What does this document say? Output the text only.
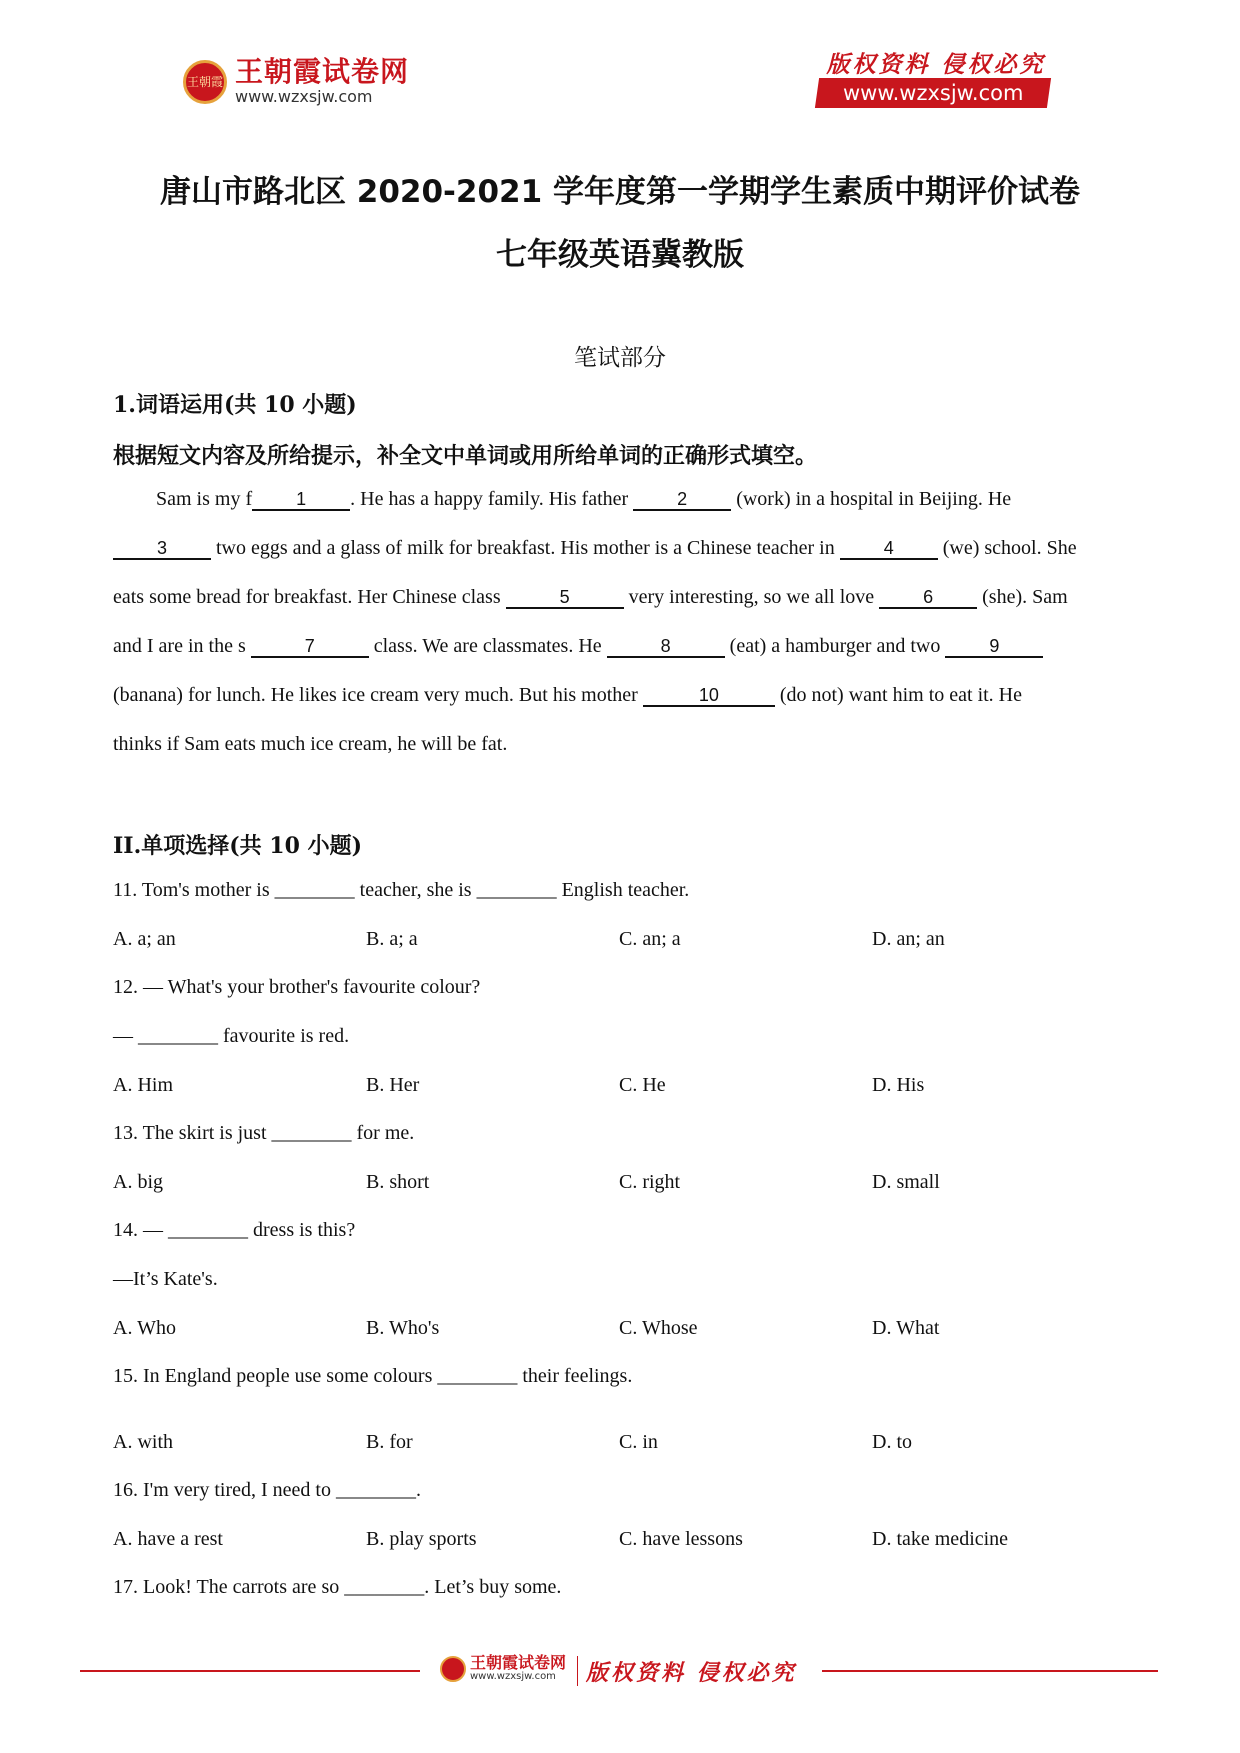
王朝霞 王朝霞试卷网
www.wzxsjw.com
版权资料 侵权必究
www.wzxsjw.com
唐山市路北区 2020-2021 学年度第一学期学生素质中期评价试卷
七年级英语冀教版
笔试部分
1.词语运用(共 10 小题)
根据短文内容及所给提示，补全文中单词或用所给单词的正确形式填空。
Sam is my f 1 . He has a happy family. His father 2 (work) in a hospital in Beijing. He
3 two eggs and a glass of milk for breakfast. His mother is a Chinese teacher in 4 (we) school. She
eats some bread for breakfast. Her Chinese class	5	very interesting, so we all love 6 (she). Sam
and I are in the s	7	class. We are classmates. He	8	(eat) a hamburger and two 9
(banana) for lunch. He likes ice cream very much. But his mother	10	(do not) want him to eat it. He
thinks if Sam eats much ice cream, he will be fat.
II.单项选择(共 10 小题)
11. Tom's mother is ________ teacher, she is ________ English teacher.
A. a; an	B. a; a	C. an; a	D. an; an
12. — What's your brother's favourite colour?
— ________ favourite is red.
A. Him	B. Her	C. He	D. His
13. The skirt is just ________ for me.
A. big	B. short	C. right	D. small
14. — ________ dress is this?
—It’s Kate's.
A. Who	B. Who's	C. Whose	D. What
15. In England people use some colours ________ their feelings.
A. with	B. for	C. in	D. to
16. I'm very tired, I need to ________.
A. have a rest	B. play sports	C. have lessons	D. take medicine
17. Look! The carrots are so ________. Let’s buy some.
王朝霞试卷网
www.wzxsjw.com	版权资料 侵权必究
